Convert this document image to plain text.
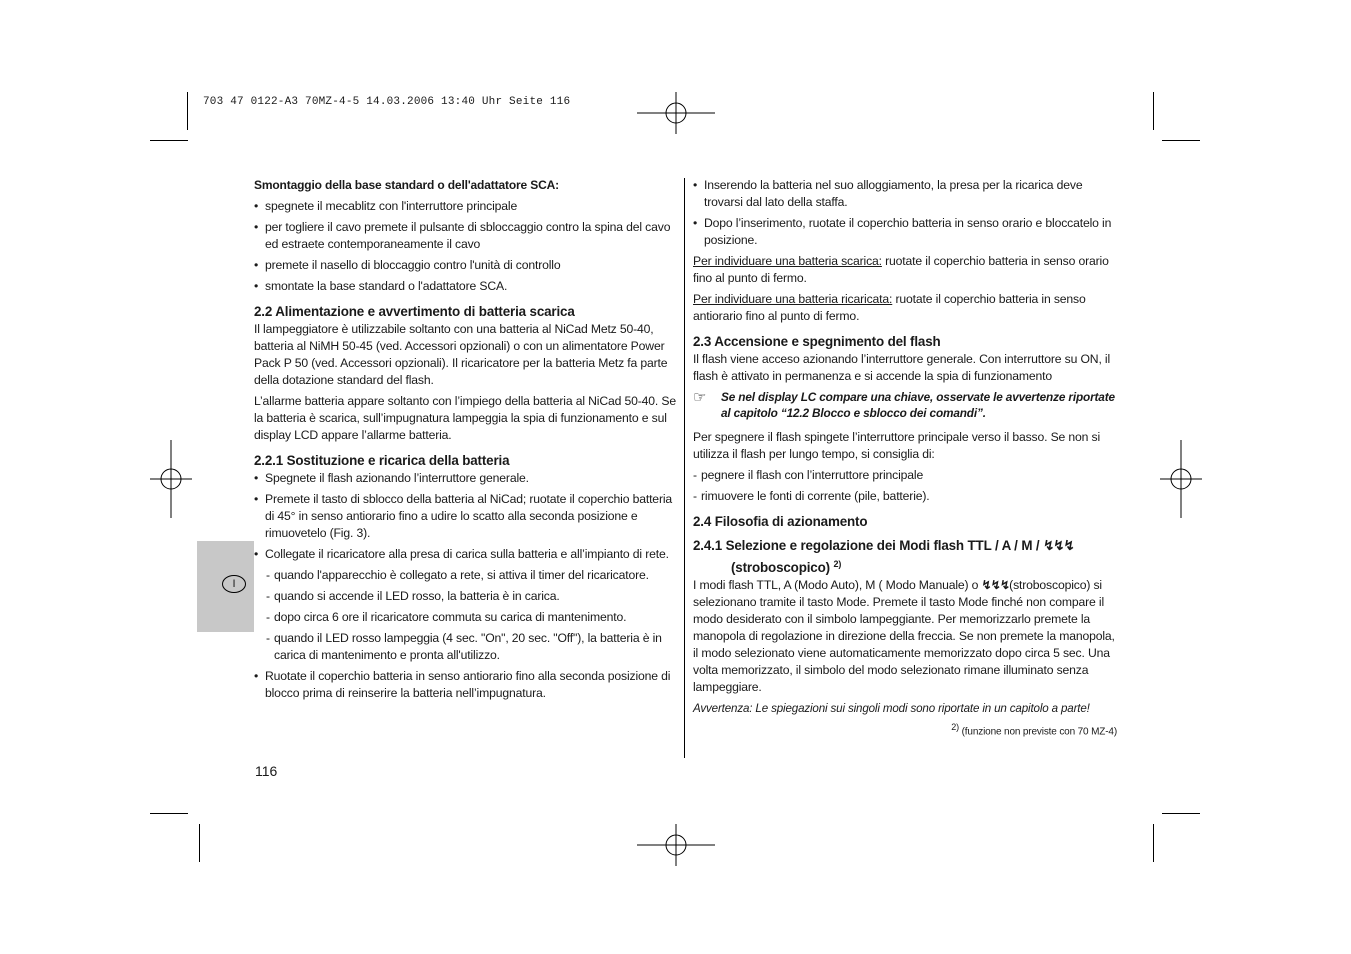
703 47 0122-A3 70MZ-4-5 14.03.2006 13:40 Uhr Seite 116
I

Smontaggio della base standard o dell'adattatore SCA:

• spegnete il mecablitz con l'interruttore principale
• per togliere il cavo premete il pulsante di sbloccaggio contro la spina del cavo ed estraete contemporaneamente il cavo
• premete il nasello di bloccaggio contro l'unità di controllo
• smontate la base standard o l'adattatore SCA.

2.2 Alimentazione e avvertimento di batteria scarica

Il lampeggiatore è utilizzabile soltanto con una batteria al NiCad Metz 50-40, batteria al NiMH 50-45 (ved. Accessori opzionali) o con un alimentatore Power Pack P 50 (ved. Accessori opzionali). Il ricaricatore per la batteria Metz fa parte della dotazione standard del flash.

L’allarme batteria appare soltanto con l’impiego della batteria al NiCad 50-40. Se la batteria è scarica, sull’impugnatura lampeggia la spia di funzionamento e sul display LCD appare l’allarme batteria.

2.2.1 Sostituzione e ricarica della batteria

• Spegnete il flash azionando l’interruttore generale.
• Premete il tasto di sblocco della batteria al NiCad; ruotate il coperchio batteria di 45° in senso antiorario fino a udire lo scatto alla seconda posizione e rimuovetelo (Fig. 3).
• Collegate il ricaricatore alla presa di carica sulla batteria e all’impianto di rete.
- quando l'apparecchio è collegato a rete, si attiva il timer del ricaricatore.
- quando si accende il LED rosso, la batteria è in carica.
- dopo circa 6 ore il ricaricatore commuta su carica di mantenimento.
- quando il LED rosso lampeggia (4 sec. "On", 20 sec. "Off"), la batteria è in carica di mantenimento e pronta all'utilizzo.
• Ruotate il coperchio batteria in senso antiorario fino alla seconda posizione di blocco prima di reinserire la batteria nell’impugnatura.
• Inserendo la batteria nel suo alloggiamento, la presa per la ricarica deve trovarsi dal lato della staffa.
• Dopo l’inserimento, ruotate il coperchio batteria in senso orario e bloccatelo in posizione.

Per individuare una batteria scarica: ruotate il coperchio batteria in senso orario fino al punto di fermo.

Per individuare una batteria ricaricata: ruotate il coperchio batteria in senso antiorario fino al punto di fermo.

2.3 Accensione e spegnimento del flash

Il flash viene acceso azionando l’interruttore generale. Con interruttore su ON, il flash è attivato in permanenza e si accende la spia di funzionamento

☞	Se nel display LC compare una chiave, osservate le avvertenze riportate al capitolo “12.2 Blocco e sblocco dei comandi”.

Per spegnere il flash spingete l’interruttore principale verso il basso. Se non si utilizza il flash per lungo tempo, si consiglia di:

- pegnere il flash con l’interruttore principale
- rimuovere le fonti di corrente (pile, batterie).

2.4 Filosofia di azionamento

2.4.1 Selezione e regolazione dei Modi flash TTL / A / M / ↯↯↯
(stroboscopico) $^{2)}$

I modi flash TTL, A (Modo Auto), M ( Modo Manuale) o ↯↯↯(stroboscopico) si selezionano tramite il tasto Mode. Premete il tasto Mode finché non compare il modo desiderato con il simbolo lampeggiante. Per memorizzarlo premete la manopola di regolazione in direzione della freccia. Se non premete la manopola, il modo selezionato viene automaticamente memorizzato dopo circa 5 sec. Una volta memorizzato, il simbolo del modo selezionato rimane illuminato senza lampeggiare.

Avvertenza: Le spiegazioni sui singoli modi sono riportate in un capitolo a parte!

$^{2)}$ (funzione non previste con 70 MZ-4)

116
